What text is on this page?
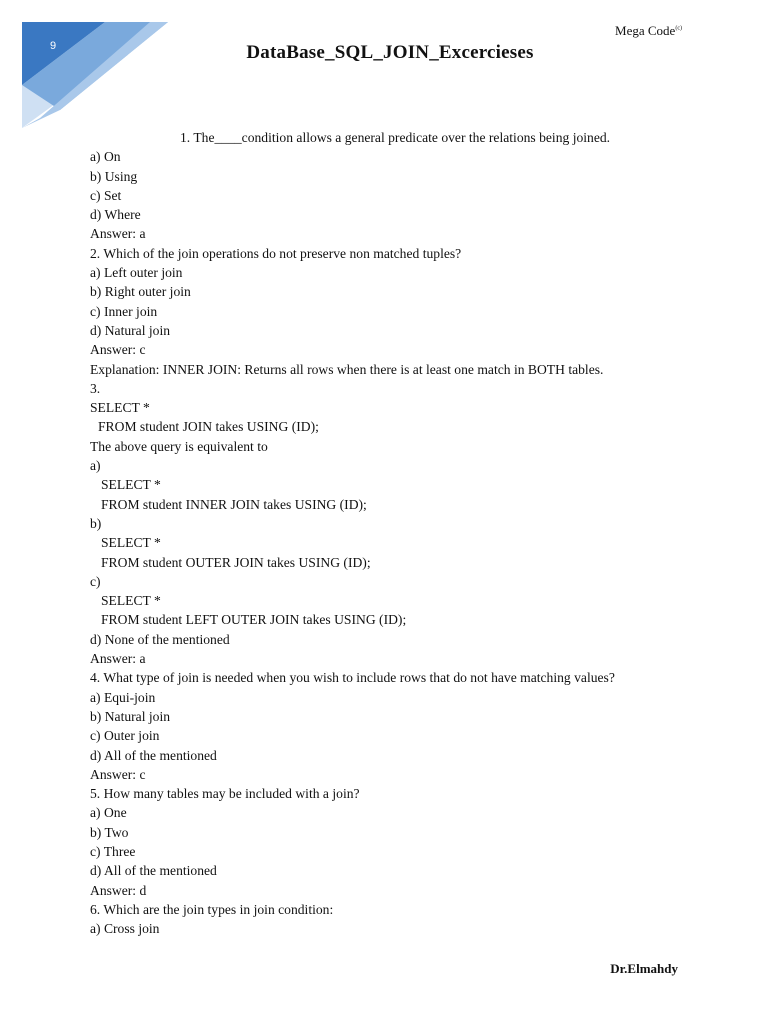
9
Mega Code$^{(c)}$
DataBase_SQL_JOIN_Excercieses
1. The____condition allows a general predicate over the relations being joined.
a) On
b) Using
c) Set
d) Where
Answer: a
2. Which of the join operations do not preserve non matched tuples?
a) Left outer join
b) Right outer join
c) Inner join
d) Natural join
Answer: c
Explanation: INNER JOIN: Returns all rows when there is at least one match in BOTH tables.
3.
SELECT *
FROM student JOIN takes USING (ID);
The above query is equivalent to
a)
SELECT *
FROM student INNER JOIN takes USING (ID);
b)
SELECT *
FROM student OUTER JOIN takes USING (ID);
c)
SELECT *
FROM student LEFT OUTER JOIN takes USING (ID);
d) None of the mentioned
Answer: a
4. What type of join is needed when you wish to include rows that do not have matching values?
a) Equi-join
b) Natural join
c) Outer join
d) All of the mentioned
Answer: c
5. How many tables may be included with a join?
a) One
b) Two
c) Three
d) All of the mentioned
Answer: d
6. Which are the join types in join condition:
a) Cross join
Dr.Elmahdy
